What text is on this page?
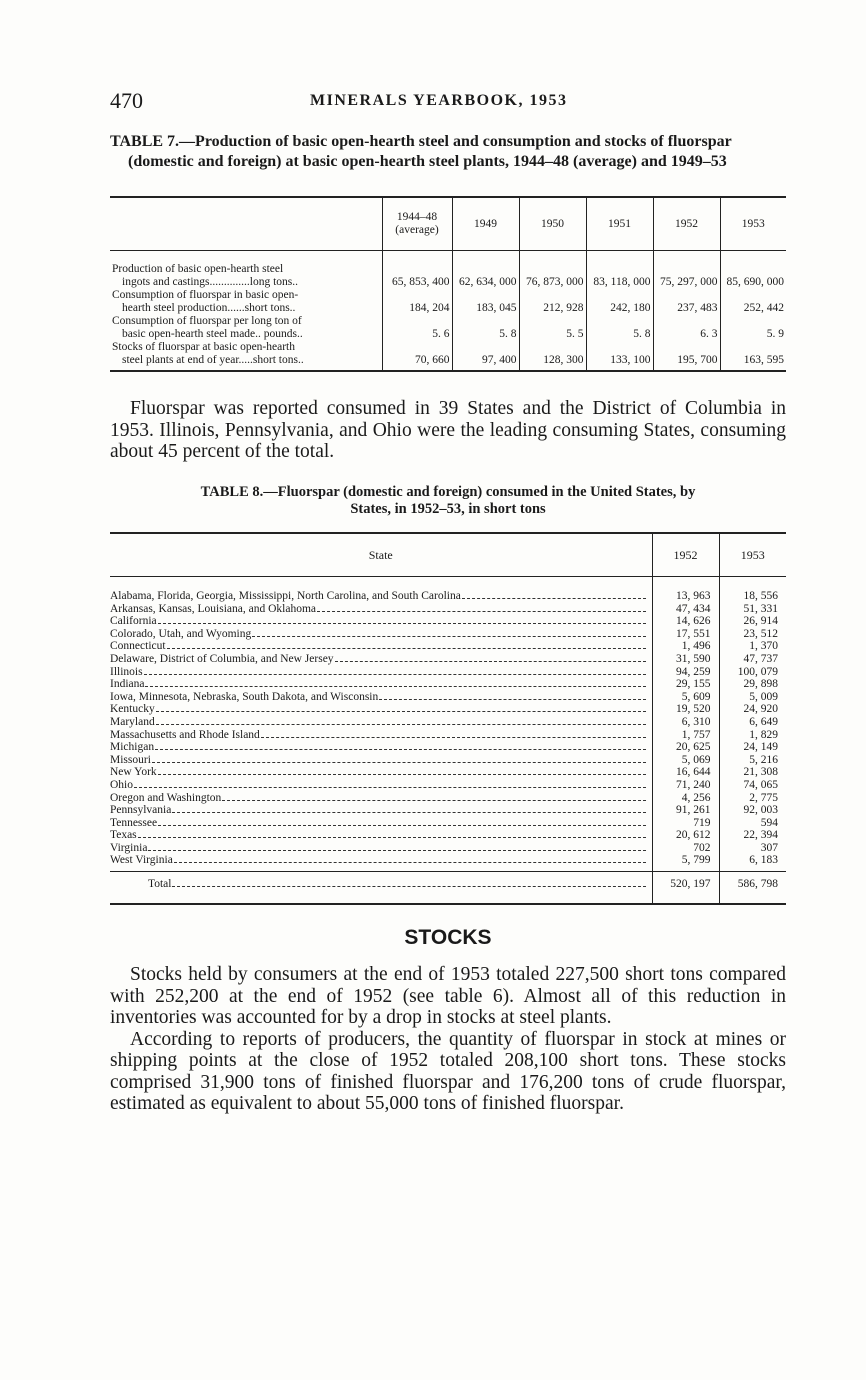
470	MINERALS YEARBOOK, 1953
TABLE 7.—Production of basic open-hearth steel and consumption and stocks of fluorspar (domestic and foreign) at basic open-hearth steel plants, 1944–48 (average) and 1949–53
	1944–48 (average)	1949	1950	1951	1952	1953

Production of basic open-hearth steel
ingots and castings..............long tons..	65, 853, 400	62, 634, 000	76, 873, 000	83, 118, 000	75, 297, 000	85, 690, 000

Consumption of fluorspar in basic open-
hearth steel production......short tons..	184, 204	183, 045	212, 928	242, 180	237, 483	252, 442

Consumption of fluorspar per long ton of
basic open-hearth steel made.. pounds..	5. 6	5. 8	5. 5	5. 8	6. 3	5. 9

Stocks of fluorspar at basic open-hearth
steel plants at end of year.....short tons..	70, 660	97, 400	128, 300	133, 100	195, 700	163, 595
Fluorspar was reported consumed in 39 States and the District of Columbia in 1953. Illinois, Pennsylvania, and Ohio were the leading consuming States, consuming about 45 percent of the total.
TABLE 8.—Fluorspar (domestic and foreign) consumed in the United States, by
States, in 1952–53, in short tons
State	1952	1953

Alabama, Florida, Georgia, Mississippi, North Carolina, and South Carolina	13, 963	18, 556

Arkansas, Kansas, Louisiana, and Oklahoma	47, 434	51, 331

California	14, 626	26, 914

Colorado, Utah, and Wyoming	17, 551	23, 512

Connecticut	1, 496	1, 370

Delaware, District of Columbia, and New Jersey	31, 590	47, 737

Illinois	94, 259	100, 079

Indiana	29, 155	29, 898

Iowa, Minnesota, Nebraska, South Dakota, and Wisconsin	5, 609	5, 009

Kentucky	19, 520	24, 920

Maryland	6, 310	6, 649

Massachusetts and Rhode Island	1, 757	1, 829

Michigan	20, 625	24, 149

Missouri	5, 069	5, 216

New York	16, 644	21, 308

Ohio	71, 240	74, 065

Oregon and Washington	4, 256	2, 775

Pennsylvania	91, 261	92, 003

Tennessee	719	594

Texas	20, 612	22, 394

Virginia	702	307

West Virginia	5, 799	6, 183

Total	520, 197	586, 798
STOCKS

Stocks held by consumers at the end of 1953 totaled 227,500 short tons compared with 252,200 at the end of 1952 (see table 6). Almost all of this reduction in inventories was accounted for by a drop in stocks at steel plants.

According to reports of producers, the quantity of fluorspar in stock at mines or shipping points at the close of 1952 totaled 208,100 short tons. These stocks comprised 31,900 tons of finished fluorspar and 176,200 tons of crude fluorspar, estimated as equivalent to about 55,000 tons of finished fluorspar.
